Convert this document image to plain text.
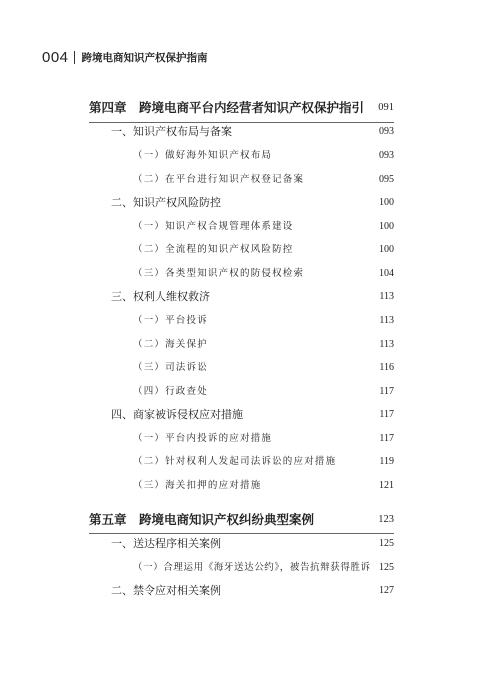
004 跨境电商知识产权保护指南
第四章　跨境电商平台内经营者知识产权保护指引 091
一、知识产权布局与备案	093
（一）做好海外知识产权布局	093
（二）在平台进行知识产权登记备案	095
二、知识产权风险防控	100
（一）知识产权合规管理体系建设	100
（二）全流程的知识产权风险防控	100
（三）各类型知识产权的防侵权检索	104
三、权利人维权救济	113
（一）平台投诉	113
（二）海关保护	113
（三）司法诉讼	116
（四）行政查处	117
四、商家被诉侵权应对措施	117
（一）平台内投诉的应对措施	117
（二）针对权利人发起司法诉讼的应对措施	119
（三）海关扣押的应对措施	121
第五章　跨境电商知识产权纠纷典型案例	123
一、送达程序相关案例	125
（一）合理运用《海牙送达公约》，被告抗辩获得胜诉 125
二、禁令应对相关案例	127
